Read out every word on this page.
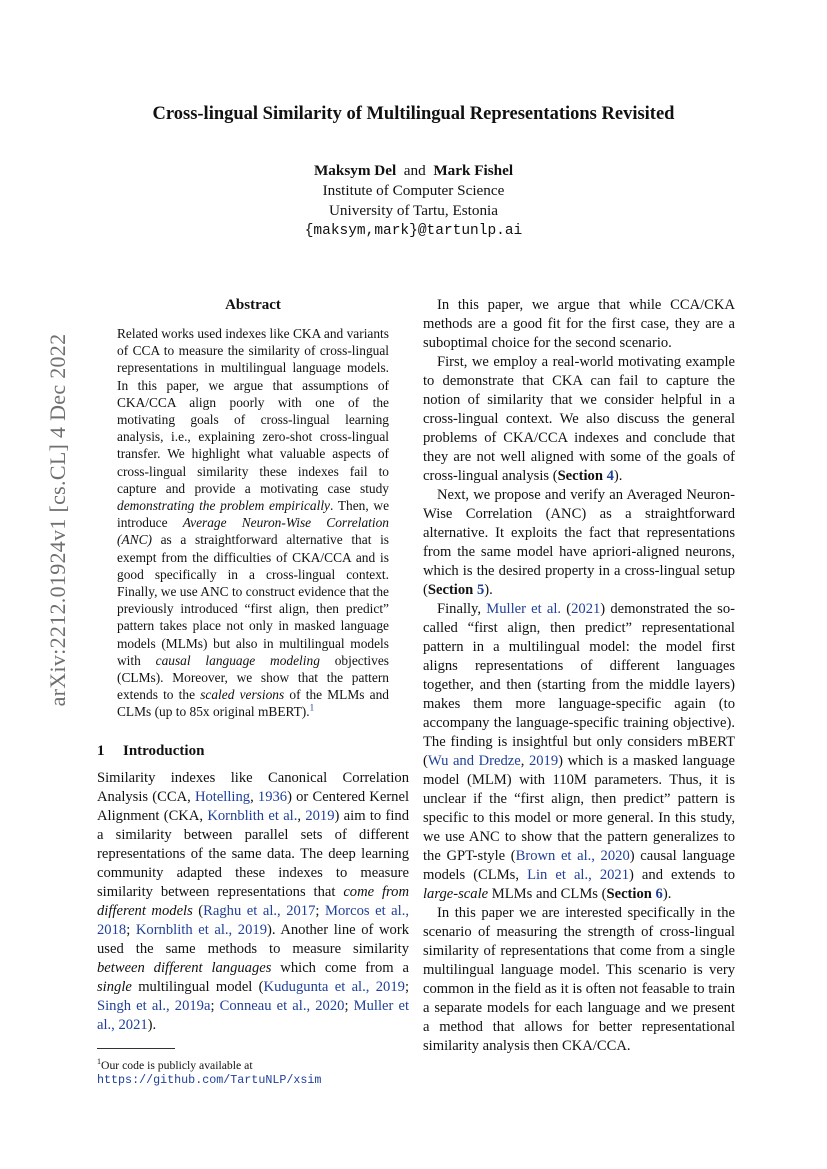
arXiv:2212.01924v1 [cs.CL] 4 Dec 2022
Cross-lingual Similarity of Multilingual Representations Revisited
Maksym Del and Mark Fishel
Institute of Computer Science
University of Tartu, Estonia
{maksym,mark}@tartunlp.ai
Abstract

Related works used indexes like CKA and variants of CCA to measure the similarity of cross-lingual representations in multilingual language models. In this paper, we argue that assumptions of CKA/CCA align poorly with one of the motivating goals of cross-lingual learning analysis, i.e., explaining zero-shot cross-lingual transfer. We highlight what valuable aspects of cross-lingual similarity these indexes fail to capture and provide a motivating case study demonstrating the problem empirically. Then, we introduce Average Neuron-Wise Correlation (ANC) as a straightforward alternative that is exempt from the difficulties of CKA/CCA and is good specifically in a cross-lingual context. Finally, we use ANC to construct evidence that the previously introduced “first align, then predict” pattern takes place not only in masked language models (MLMs) but also in multilingual models with causal language modeling objectives (CLMs). Moreover, we show that the pattern extends to the scaled versions of the MLMs and CLMs (up to 85x original mBERT).$^1$

1 Introduction

Similarity indexes like Canonical Correlation Analysis (CCA, Hotelling, 1936) or Centered Kernel Alignment (CKA, Kornblith et al., 2019) aim to find a similarity between parallel sets of different representations of the same data. The deep learning community adapted these indexes to measure similarity between representations that come from different models (Raghu et al., 2017; Morcos et al., 2018; Kornblith et al., 2019). Another line of work used the same methods to measure similarity between different languages which come from a single multilingual model (Kudugunta et al., 2019; Singh et al., 2019a; Conneau et al., 2020; Muller et al., 2021).

$^1$Our code is publicly available at https://github.com/TartuNLP/xsim

In this paper, we argue that while CCA/CKA methods are a good fit for the first case, they are a suboptimal choice for the second scenario.

First, we employ a real-world motivating example to demonstrate that CKA can fail to capture the notion of similarity that we consider helpful in a cross-lingual context. We also discuss the general problems of CKA/CCA indexes and conclude that they are not well aligned with some of the goals of cross-lingual analysis (Section 4).

Next, we propose and verify an Averaged Neuron-Wise Correlation (ANC) as a straightforward alternative. It exploits the fact that representations from the same model have apriori-aligned neurons, which is the desired property in a cross-lingual setup (Section 5).

Finally, Muller et al. (2021) demonstrated the so-called “first align, then predict” representational pattern in a multilingual model: the model first aligns representations of different languages together, and then (starting from the middle layers) makes them more language-specific again (to accompany the language-specific training objective). The finding is insightful but only considers mBERT (Wu and Dredze, 2019) which is a masked language model (MLM) with 110M parameters. Thus, it is unclear if the “first align, then predict” pattern is specific to this model or more general. In this study, we use ANC to show that the pattern generalizes to the GPT-style (Brown et al., 2020) causal language models (CLMs, Lin et al., 2021) and extends to large-scale MLMs and CLMs (Section 6).

In this paper we are interested specifically in the scenario of measuring the strength of cross-lingual similarity of representations that come from a single multilingual language model. This scenario is very common in the field as it is often not feasable to train a separate models for each language and we present a method that allows for better representational similarity analysis then CKA/CCA.
